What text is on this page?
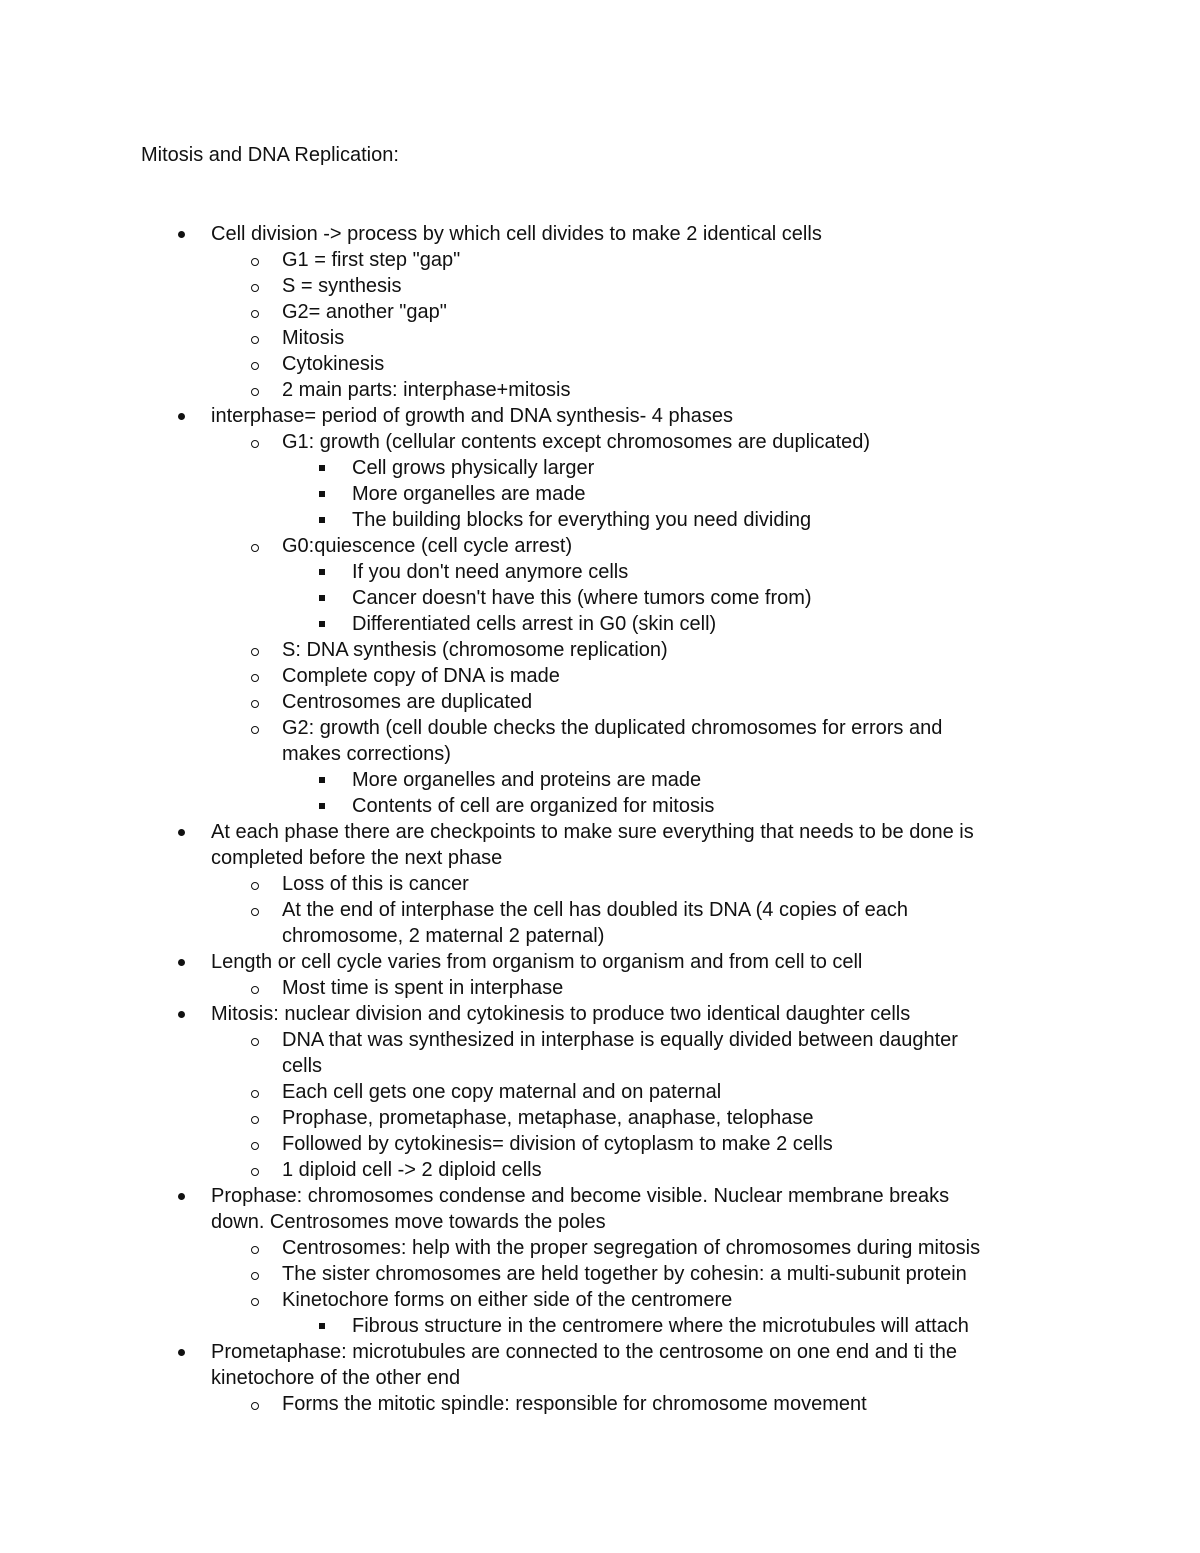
Mitosis and DNA Replication:
Cell division -> process by which cell divides to make 2 identical cells
G1 = first step "gap"
S = synthesis
G2= another "gap"
Mitosis
Cytokinesis
2 main parts: interphase+mitosis
interphase= period of growth and DNA synthesis- 4 phases
G1: growth (cellular contents except chromosomes are duplicated)
Cell grows physically larger
More organelles are made
The building blocks for everything you need dividing
G0:quiescence (cell cycle arrest)
If you don't need anymore cells
Cancer doesn't have this (where tumors come from)
Differentiated cells arrest in G0 (skin cell)
S: DNA synthesis (chromosome replication)
Complete copy of DNA is made
Centrosomes are duplicated
G2: growth (cell double checks the duplicated chromosomes for errors and
makes corrections)
More organelles and proteins are made
Contents of cell are organized for mitosis
At each phase there are checkpoints to make sure everything that needs to be done is
completed before the next phase
Loss of this is cancer
At the end of interphase the cell has doubled its DNA (4 copies of each
chromosome, 2 maternal 2 paternal)
Length or cell cycle varies from organism to organism and from cell to cell
Most time is spent in interphase
Mitosis: nuclear division and cytokinesis to produce two identical daughter cells
DNA that was synthesized in interphase is equally divided between daughter
cells
Each cell gets one copy maternal and on paternal
Prophase, prometaphase, metaphase, anaphase, telophase
Followed by cytokinesis= division of cytoplasm to make 2 cells
1 diploid cell -> 2 diploid cells
Prophase: chromosomes condense and become visible. Nuclear membrane breaks
down. Centrosomes move towards the poles
Centrosomes: help with the proper segregation of chromosomes during mitosis
The sister chromosomes are held together by cohesin: a multi-subunit protein
Kinetochore forms on either side of the centromere
Fibrous structure in the centromere where the microtubules will attach
Prometaphase: microtubules are connected to the centrosome on one end and ti the
kinetochore of the other end
Forms the mitotic spindle: responsible for chromosome movement
